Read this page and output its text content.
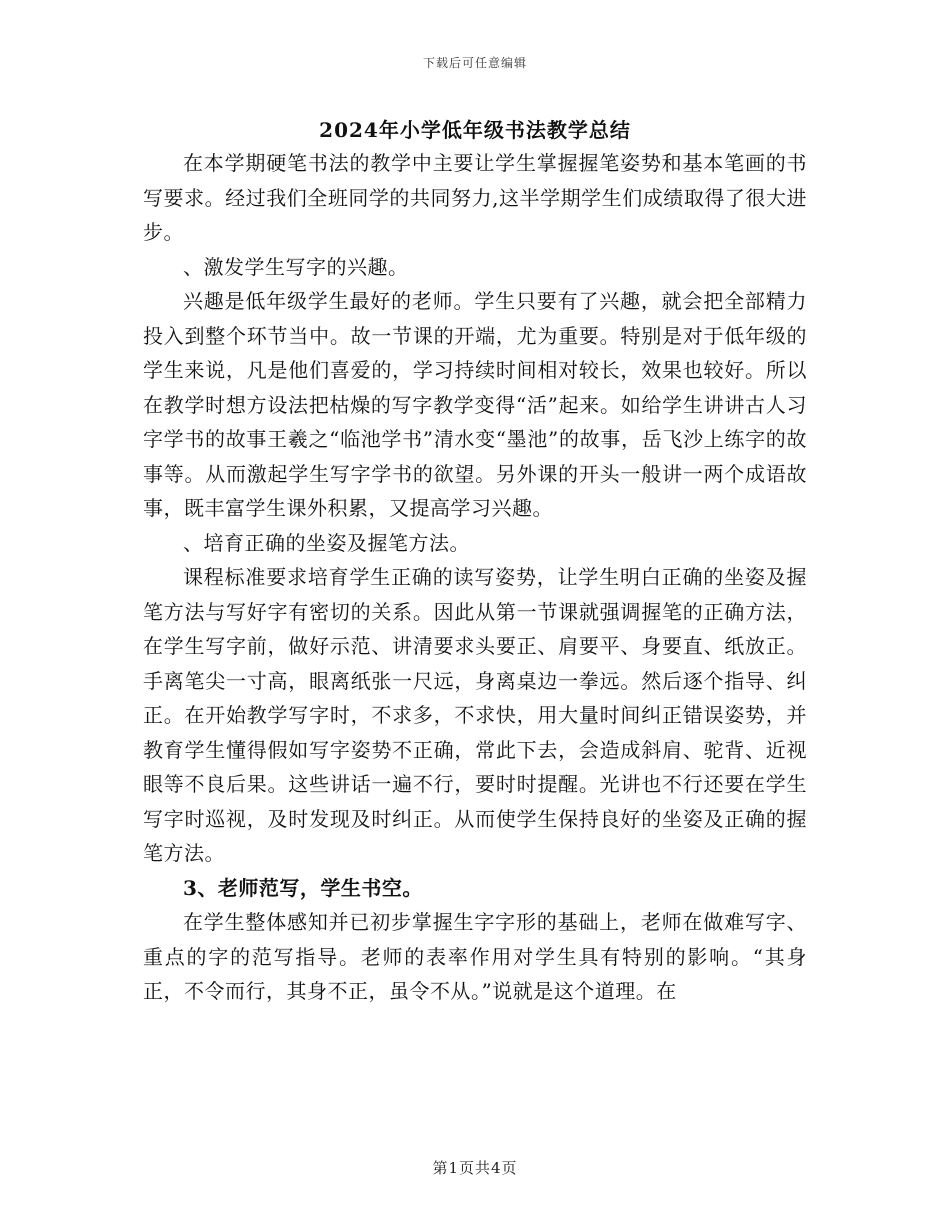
下载后可任意编辑
2024年小学低年级书法教学总结

在本学期硬笔书法的教学中主要让学生掌握握笔姿势和基本笔画的书写要求。经过我们全班同学的共同努力,这半学期学生们成绩取得了很大进步。

、激发学生写字的兴趣。

兴趣是低年级学生最好的老师。学生只要有了兴趣，就会把全部精力投入到整个环节当中。故一节课的开端，尤为重要。特别是对于低年级的学生来说，凡是他们喜爱的，学习持续时间相对较长，效果也较好。所以在教学时想方设法把枯燥的写字教学变得“活”起来。如给学生讲讲古人习字学书的故事王羲之“临池学书”清水变“墨池”的故事，岳飞沙上练字的故事等。从而激起学生写字学书的欲望。另外课的开头一般讲一两个成语故事，既丰富学生课外积累，又提高学习兴趣。

、培育正确的坐姿及握笔方法。

课程标准要求培育学生正确的读写姿势，让学生明白正确的坐姿及握笔方法与写好字有密切的关系。因此从第一节课就强调握笔的正确方法，在学生写字前，做好示范、讲清要求头要正、肩要平、身要直、纸放正。手离笔尖一寸高，眼离纸张一尺远，身离桌边一拳远。然后逐个指导、纠正。在开始教学写字时，不求多，不求快，用大量时间纠正错误姿势，并教育学生懂得假如写字姿势不正确，常此下去，会造成斜肩、驼背、近视眼等不良后果。这些讲话一遍不行，要时时提醒。光讲也不行还要在学生写字时巡视，及时发现及时纠正。从而使学生保持良好的坐姿及正确的握笔方法。

3、老师范写，学生书空。

在学生整体感知并已初步掌握生字字形的基础上，老师在做难写字、重点的字的范写指导。老师的表率作用对学生具有特别的影响。“其身正，不令而行，其身不正，虽令不从。”说就是这个道理。在

第1页共4页
